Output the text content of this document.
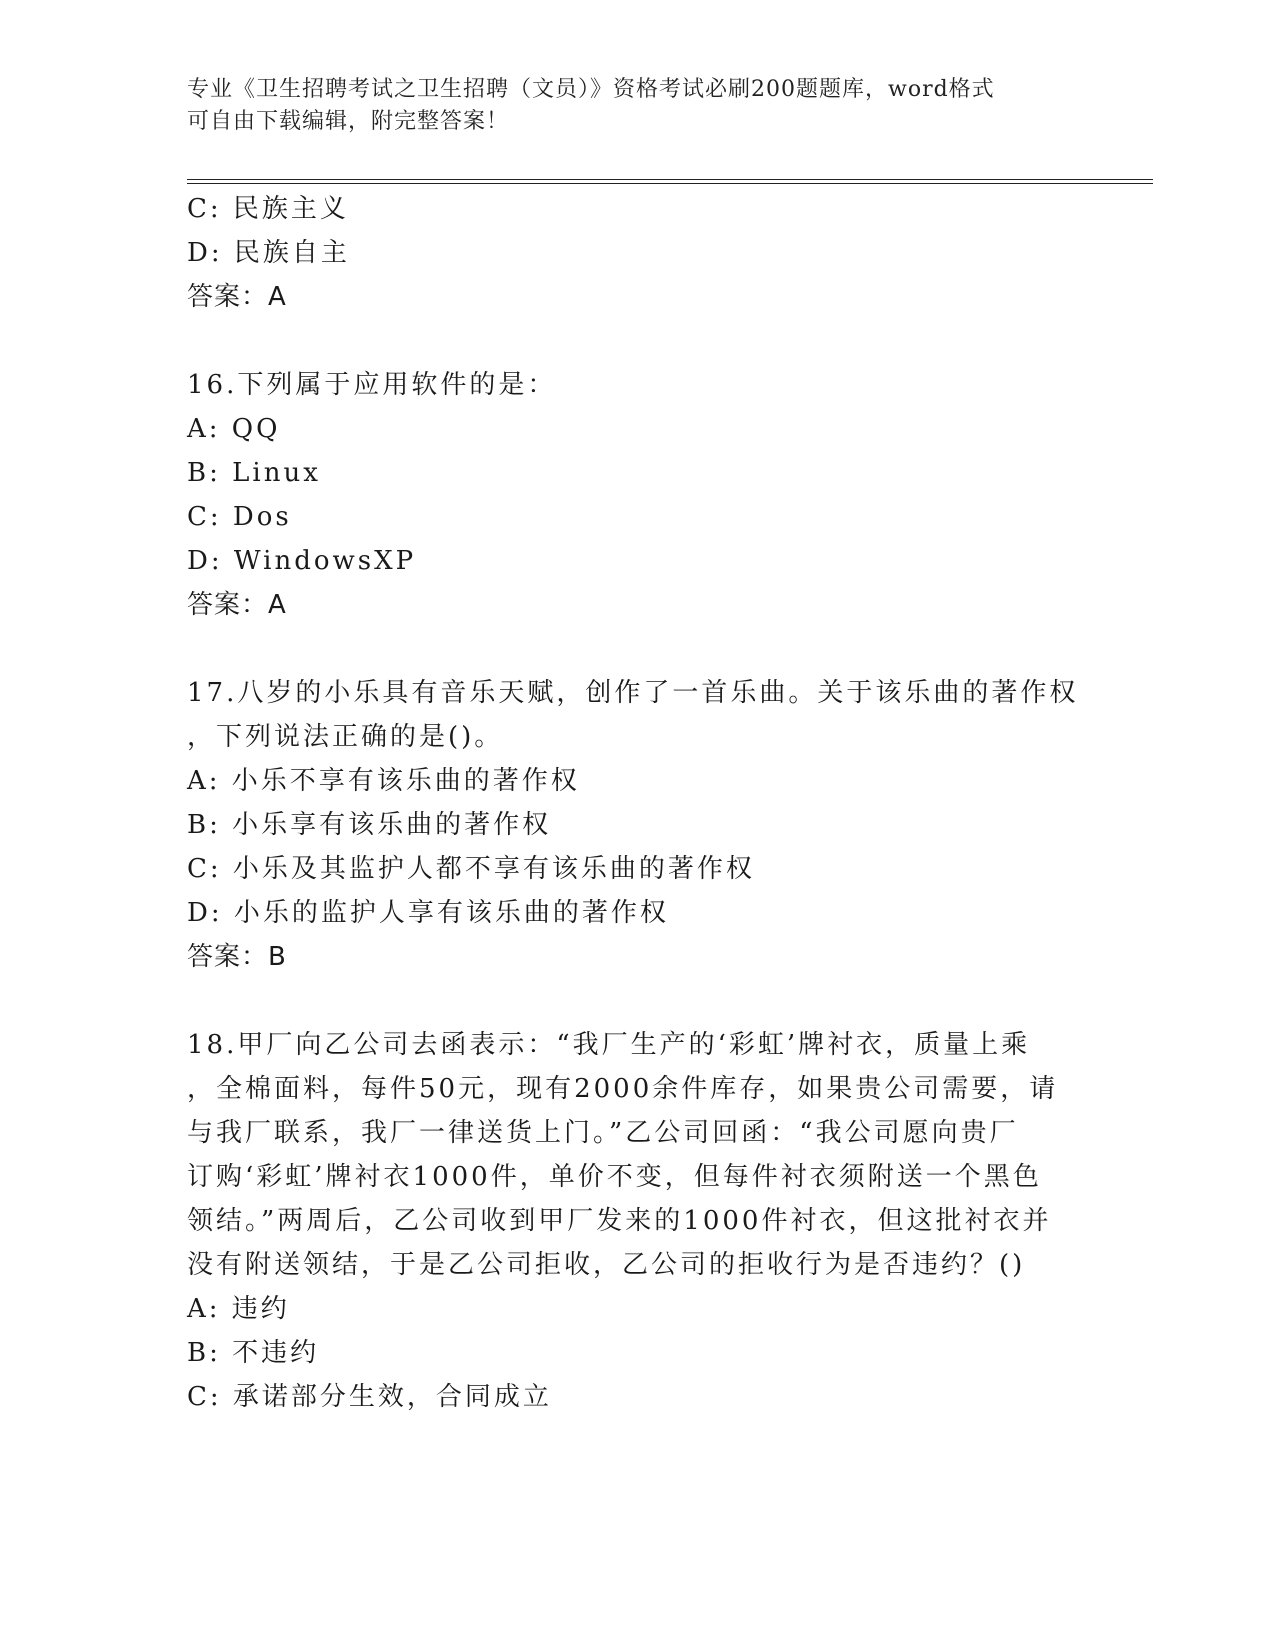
专业《卫生招聘考试之卫生招聘（文员）》资格考试必刷200题题库，word格式
可自由下载编辑，附完整答案！
C: 民族主义
D: 民族自主
答案：A
16.下列属于应用软件的是：
A: QQ
B: Linux
C: Dos
D: WindowsXP
答案：A
17.八岁的小乐具有音乐天赋，创作了一首乐曲。关于该乐曲的著作权
，下列说法正确的是()。
A: 小乐不享有该乐曲的著作权
B: 小乐享有该乐曲的著作权
C: 小乐及其监护人都不享有该乐曲的著作权
D: 小乐的监护人享有该乐曲的著作权
答案：B
18.甲厂向乙公司去函表示：“我厂生产的‘彩虹’牌衬衣，质量上乘
，全棉面料，每件50元，现有2000余件库存，如果贵公司需要，请
与我厂联系，我厂一律送货上门。”乙公司回函：“我公司愿向贵厂
订购‘彩虹’牌衬衣1000件，单价不变，但每件衬衣须附送一个黑色
领结。”两周后，乙公司收到甲厂发来的1000件衬衣，但这批衬衣并
没有附送领结，于是乙公司拒收，乙公司的拒收行为是否违约？()
A: 违约
B: 不违约
C: 承诺部分生效，合同成立
